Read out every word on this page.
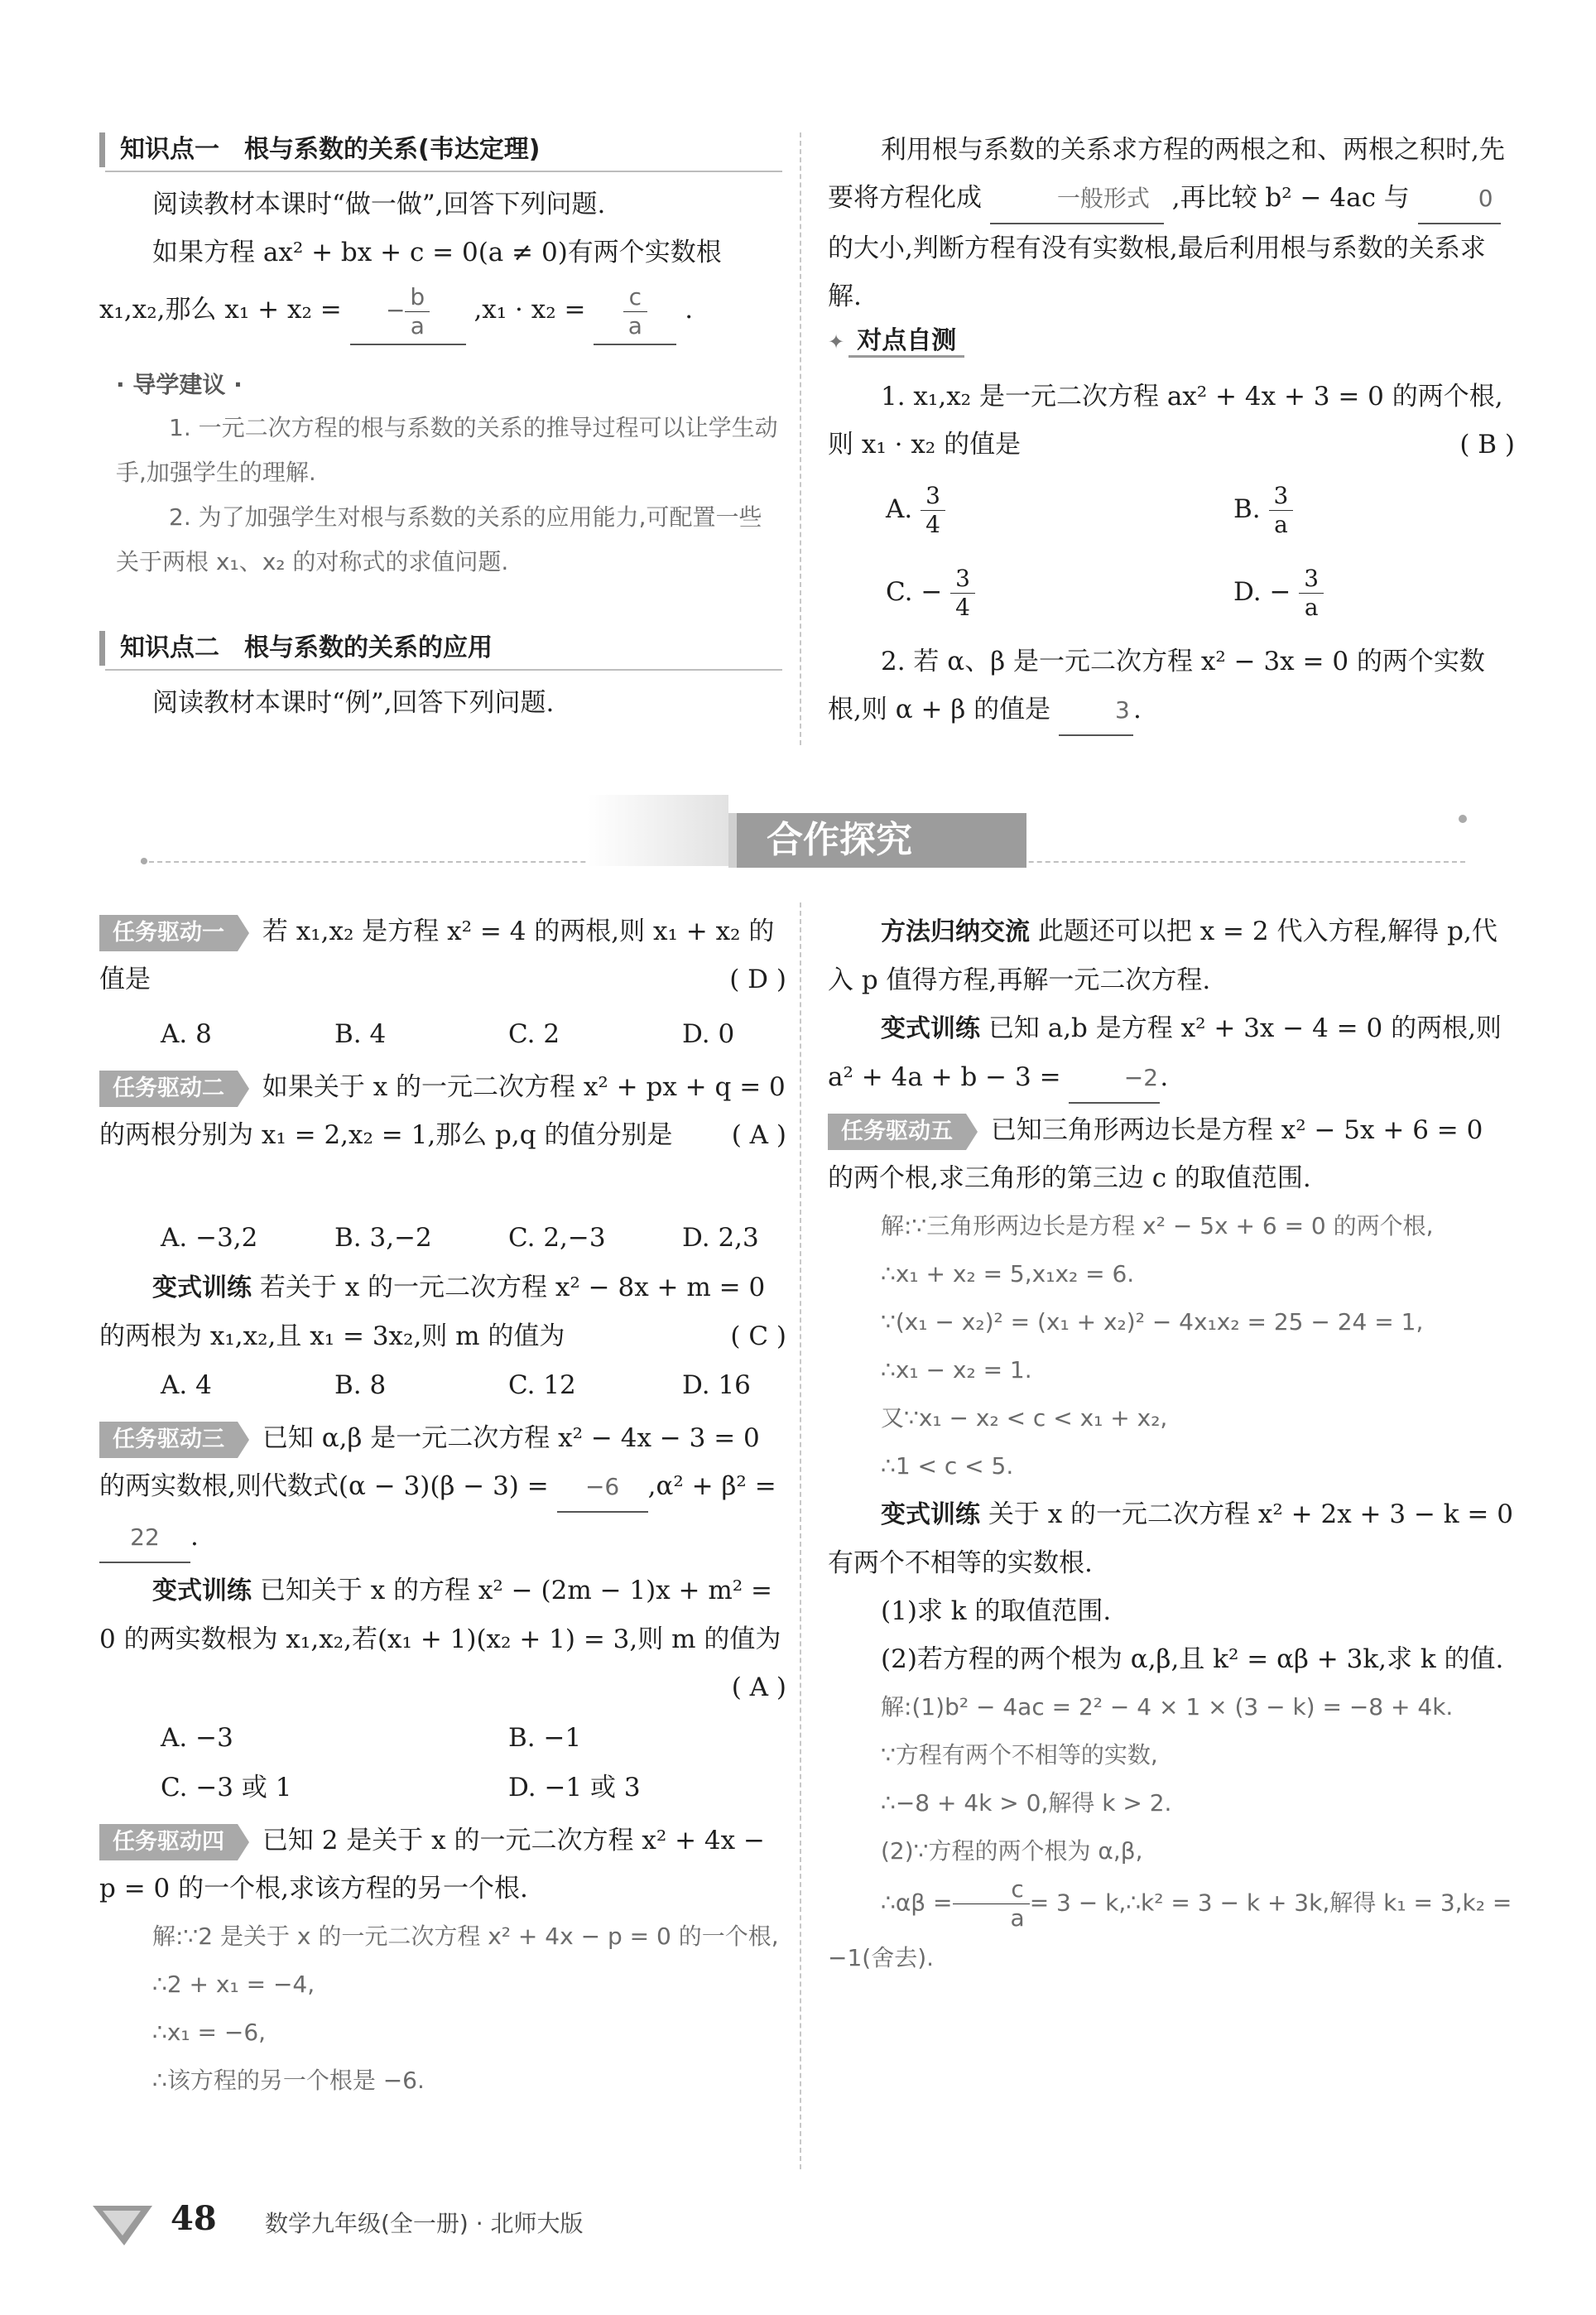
知识点一　根与系数的关系(韦达定理)

阅读教材本课时“做一做”,回答下列问题.

如果方程 ax² + bx + c = 0(a ≠ 0)有两个实数根

x₁,x₂,那么 x₁ + x₂ = − $\frac{b}{a} ,x_1 \cdot x_2 = \frac{c}{a}$ .

· 导学建议 ·

1. 一元二次方程的根与系数的关系的推导过程可以让学生动手,加强学生的理解.

2. 为了加强学生对根与系数的关系的应用能力,可配置一些关于两根 x₁、x₂ 的对称式的求值问题.

知识点二　根与系数的关系的应用

阅读教材本课时“例”,回答下列问题.

利用根与系数的关系求方程的两根之和、两根之积时,先要将方程化成	一般形式 ,再比较 b² − 4ac 与	0 的大小,判断方程有没有实数根,最后利用根与系数的关系求解.

✦ 对点自测

1. x₁,x₂ 是一元二次方程 ax² + 4x + 3 = 0 的两个根,则 x₁ · x₂ 的值是	( B )

A. $\frac{3}{4}$	B. $\frac{3}{a}$
C. − $\frac{3}{4}$	D. − $\frac{3}{a}$

2. 若 α、β 是一元二次方程 x² − 3x = 0 的两个实数根,则 α + β 的值是	3 .

合作探究

任务驱动一 若 x₁,x₂ 是方程 x² = 4 的两根,则 x₁ + x₂ 的值是	( D )

A. 8	B. 4	C. 2	D. 0

任务驱动二 如果关于 x 的一元二次方程 x² + px + q = 0 的两根分别为 x₁ = 2,x₂ = 1,那么 p,q 的值分别是 ( A )

A. −3,2	B. 3,−2	C. 2,−3	D. 2,3

变式训练 若关于 x 的一元二次方程 x² − 8x + m = 0 的两根为 x₁,x₂,且 x₁ = 3x₂,则 m 的值为	( C )

A. 4	B. 8	C. 12	D. 16

任务驱动三 已知 α,β 是一元二次方程 x² − 4x − 3 = 0 的两实数根,则代数式(α − 3)(β − 3) = −6 ,α² + β² = 22 .

变式训练 已知关于 x 的方程 x² − (2m − 1)x + m² = 0 的两实数根为 x₁,x₂,若(x₁ + 1)(x₂ + 1) = 3,则 m 的值为
( A )

A. −3	B. −1
C. −3 或 1	D. −1 或 3

任务驱动四 已知 2 是关于 x 的一元二次方程 x² + 4x − p = 0 的一个根,求该方程的另一个根.

解:∵2 是关于 x 的一元二次方程 x² + 4x − p = 0 的一个根,

∴2 + x₁ = −4,

∴x₁ = −6,

∴该方程的另一个根是 −6.

方法归纳交流 此题还可以把 x = 2 代入方程,解得 p,代入 p 值得方程,再解一元二次方程.

变式训练 已知 a,b 是方程 x² + 3x − 4 = 0 的两根,则 a² + 4a + b − 3 =	−2.

任务驱动五 已知三角形两边长是方程 x² − 5x + 6 = 0 的两个根,求三角形的第三边 c 的取值范围.

解:∵三角形两边长是方程 x² − 5x + 6 = 0 的两个根,

∴x₁ + x₂ = 5,x₁x₂ = 6.

∵(x₁ − x₂)² = (x₁ + x₂)² − 4x₁x₂ = 25 − 24 = 1,

∴x₁ − x₂ = 1.

又∵x₁ − x₂ < c < x₁ + x₂,

∴1 < c < 5.

变式训练 关于 x 的一元二次方程 x² + 2x + 3 − k = 0 有两个不相等的实数根.

(1)求 k 的取值范围.

(2)若方程的两个根为 α,β,且 k² = αβ + 3k,求 k 的值.

解:(1)b² − 4ac = 2² − 4 × 1 × (3 − k) = −8 + 4k.

∵方程有两个不相等的实数,

∴−8 + 4k > 0,解得 k > 2.

(2)∵方程的两个根为 α,β,

∴αβ = $\frac{c}{a} = 3$ − k,∴k² = 3 − k + 3k,解得 k₁ = 3,k₂ = −1(舍去).

48 数学九年级(全一册) · 北师大版
